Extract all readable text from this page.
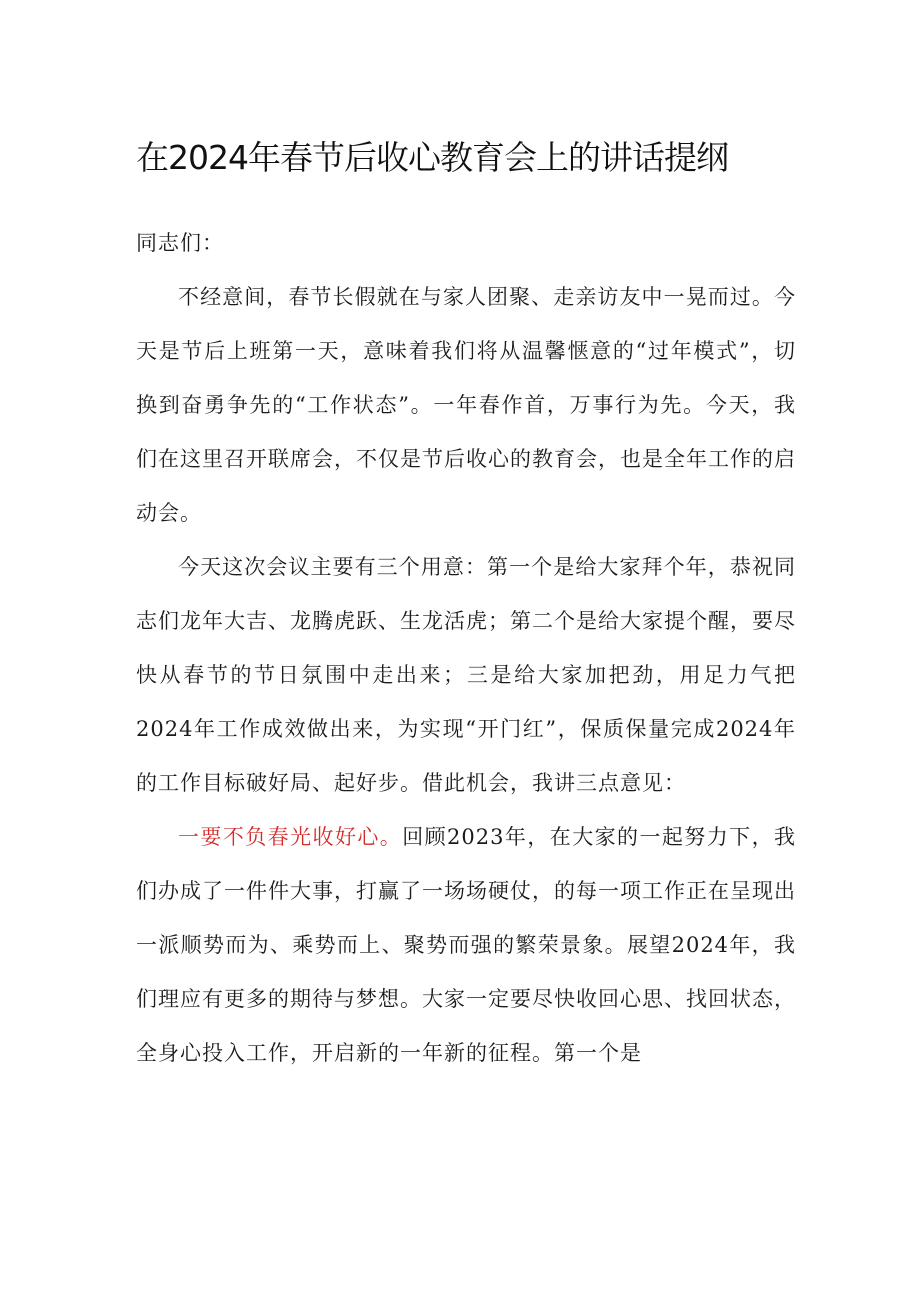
在2024年春节后收心教育会上的讲话提纲

同志们：

不经意间，春节长假就在与家人团聚、走亲访友中一晃而过。今天是节后上班第一天，意味着我们将从温馨惬意的“过年模式”，切换到奋勇争先的“工作状态”。一年春作首，万事行为先。今天，我们在这里召开联席会，不仅是节后收心的教育会，也是全年工作的启动会。

今天这次会议主要有三个用意：第一个是给大家拜个年，恭祝同志们龙年大吉、龙腾虎跃、生龙活虎；第二个是给大家提个醒，要尽快从春节的节日氛围中走出来；三是给大家加把劲，用足力气把2024年工作成效做出来，为实现“开门红”，保质保量完成2024年的工作目标破好局、起好步。借此机会，我讲三点意见：

一要不负春光收好心。回顾2023年，在大家的一起努力下，我们办成了一件件大事，打赢了一场场硬仗，的每一项工作正在呈现出一派顺势而为、乘势而上、聚势而强的繁荣景象。展望2024年，我们理应有更多的期待与梦想。大家一定要尽快收回心思、找回状态，全身心投入工作，开启新的一年新的征程。第一个是
